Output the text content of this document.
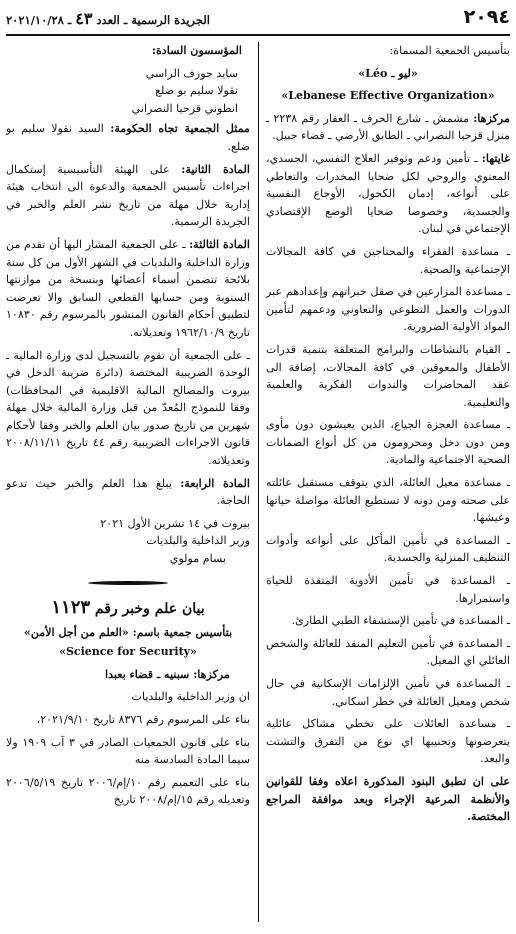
٢٠٩٤
الجريدة الرسمية ـ العدد ٤٣ ـ ٢٠٢١/١٠/٢٨

بتأسيس الجمعية المسماة:

«ليو ـ Léo»

«Lebanese Effective Organization»

مركزها: مشمش ـ شارع الحرف ـ العقار رقم ٢٢٣٨ ـ منزل قزحيا النصراني ـ الطابق الأرضي ـ قضاء جبيل.

غايتها: ـ تأمين ودعم وتوفير العلاج النفسي، الجسدي، المعنوي والروحي لكل ضحايا المخدرات والتعاطي على أنواعه، إدمان الكحول، الأوجاع النفسية والجسدية، وخصوصا ضحايا الوضع الإقتصادي الإجتماعي في لبنان.

ـ مساعدة الفقراء والمحتاجين في كافة المجالات الإجتماعية والصحية.

ـ مساعدة المزارعين في صقل خبراتهم وإعدادهم عبر الدورات والعمل التطوعي والتعاوني ودعمهم لتأمين المواد الأولية الضرورية.

ـ القيام بالنشاطات والبرامج المتعلقة بتنمية قدرات الأطفال والمعوقين في كافة المجالات، إضافة الى عقد المحاضرات والندوات الفكرية والعلمية والتعليمية.

ـ مساعدة العجزة الجياع، الذين يعيشون دون مأوى ومن دون دخل ومحرومون من كل أنواع الضمانات الصحية الاجتماعية والمادية.

ـ مساعدة معيل العائلة، الذي يتوقف مستقبل عائلته على صحته ومن دونه لا تستطيع العائلة مواصلة حياتها وعيشها.

ـ المساعدة في تأمين المأكل على أنواعه وأدوات التنظيف المنزلية والجسدية.

ـ المساعدة في تأمين الأدوية المتقذة للحياة واستمرارها.

ـ المساعدة في تأمين الإستشفاء الطبي الطارئ.

ـ المساعدة في تأمين التعليم المنقذ للعائلة والشخص العائلي اي المعيل.

ـ المساعدة في تأمين الإلزامات الإسكانية في حال شخص ومعيل العائلة في خطر اسكاني.

ـ مساعدة العائلات على تخطي مشاكل عائلية يتعرضونها وتجنيبها اي نوع من التفرق والتشتت والبعد.

على ان تطبق البنود المذكورة اعلاه وفقا للقوانين والأنظمة المرعية الإجراء وبعد موافقة المراجع المختصة.

المؤسسون السادة:

سايد جوزف الراسي

نقولا سليم بو ضلع

انطوني قزحيا النصراني

ممثل الجمعية تجاه الحكومة: السيد نقولا سليم بو ضلع.

المادة الثانية: على الهيئة التأسيسية إستكمال اجراءات تأسيس الجمعية والدعوة الى انتخاب هيئة إدارية خلال مهلة من تاريخ نشر العلم والخبر في الجريدة الرسمية.

المادة الثالثة: ـ على الجمعية المشار اليها أن تقدم من وزارة الداخلية والبلديات في الشهر الأول من كل سنة بلائحة تتضمن أسماء أعضائها وبنسخة من موازنتها السنوية ومن حسابها القطعي السابق والا تعرضت لتطبيق أحكام القانون المنشور بالمرسوم رقم ١٠٨٣٠ تاريخ ١٩٦٢/١٠/٩ وتعديلاته.

ـ على الجمعية أن تقوم بالتسجيل لدى وزارة المالية ـ الوحدة الضريبية المختصة (دائرة ضريبة الدخل في بيروت والمصالح المالية الاقليمية في المحافظات) وفقا للنموذج المُعدّ من قبل وزارة المالية خلال مهلة شهرين من تاريخ صدور بيان العلم والخبر وفقا لأحكام قانون الاجراءات الضريبية رقم ٤٤ تاريخ ٢٠٠٨/١١/١١ وتعديلاته.

المادة الرابعة: يبلغ هذا العلم والخبر حيث تدعو الحاجة.

بيروت في ١٤ تشرين الأول ٢٠٢١

وزير الداخلية والبلديات

بسام مولوي

بيان علم وخبر رقم ١١٢٣

بتأسيس جمعية باسم: «العلم من أجل الأمن»

«Science for Security»

مركزها: سبنيه ـ قضاء بعبدا

ان وزير الداخلية والبلديات

بناء على المرسوم رقم ٨٣٧٦ تاريخ ٢٠٢١/٩/١٠،

بناء على قانون الجمعيات الصادر في ٣ آب ١٩٠٩ ولا سيما المادة السادسة منه

بناء على التعميم رقم ١٠/إم/٢٠٠٦ تاريخ ٢٠٠٦/٥/١٩ وتعديله رقم ١٥/إم/٢٠٠٨ تاريخ
